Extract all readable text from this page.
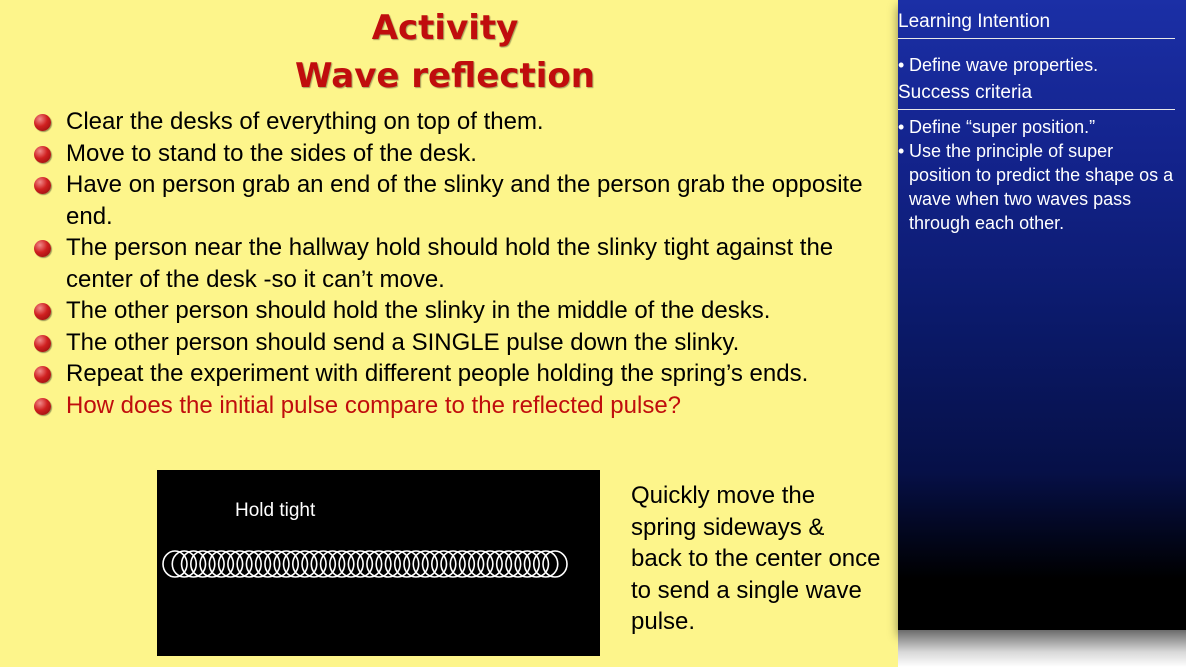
Activity
Wave reflection
Clear the desks of everything on top of them.
Move to stand to the sides of the desk.
Have on person grab an end of the slinky and the person grab the opposite end.
The person near the hallway hold should hold the slinky tight against the center of the desk -so it can’t move.
The other person should hold the slinky in the middle of the desks.
The other person should send a SINGLE pulse down the slinky.
Repeat the experiment with different people holding the spring’s ends.
How does the initial pulse compare to the reflected pulse?
Hold tight
Quickly move the spring sideways & back to the center once to send a single wave pulse.
Learning Intention
• Define wave properties.
Success criteria
• Define “super position.”
• Use the principle of super position to predict the shape os a wave when two waves pass through each other.
